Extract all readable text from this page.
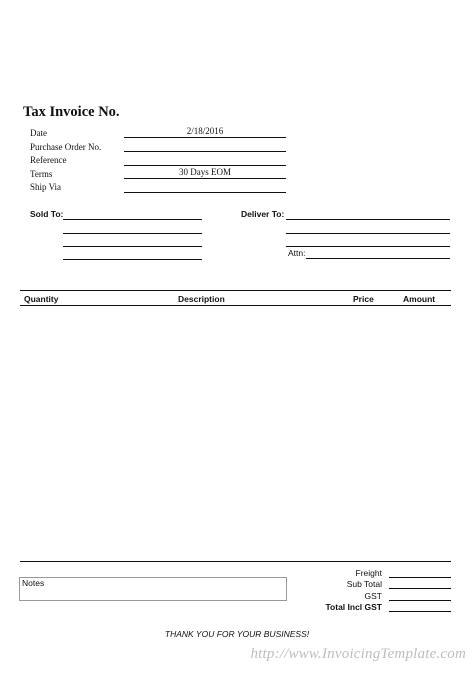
Tax Invoice No.
Date	2/18/2016
Purchase Order No.
Reference
Terms	30 Days EOM
Ship Via
Sold To:	Deliver To:
Attn:
Quantity	Description	Price	Amount
Notes
Freight
Sub Total
GST
Total Incl GST
THANK YOU FOR YOUR BUSINESS!
http://www.InvoicingTemplate.com
